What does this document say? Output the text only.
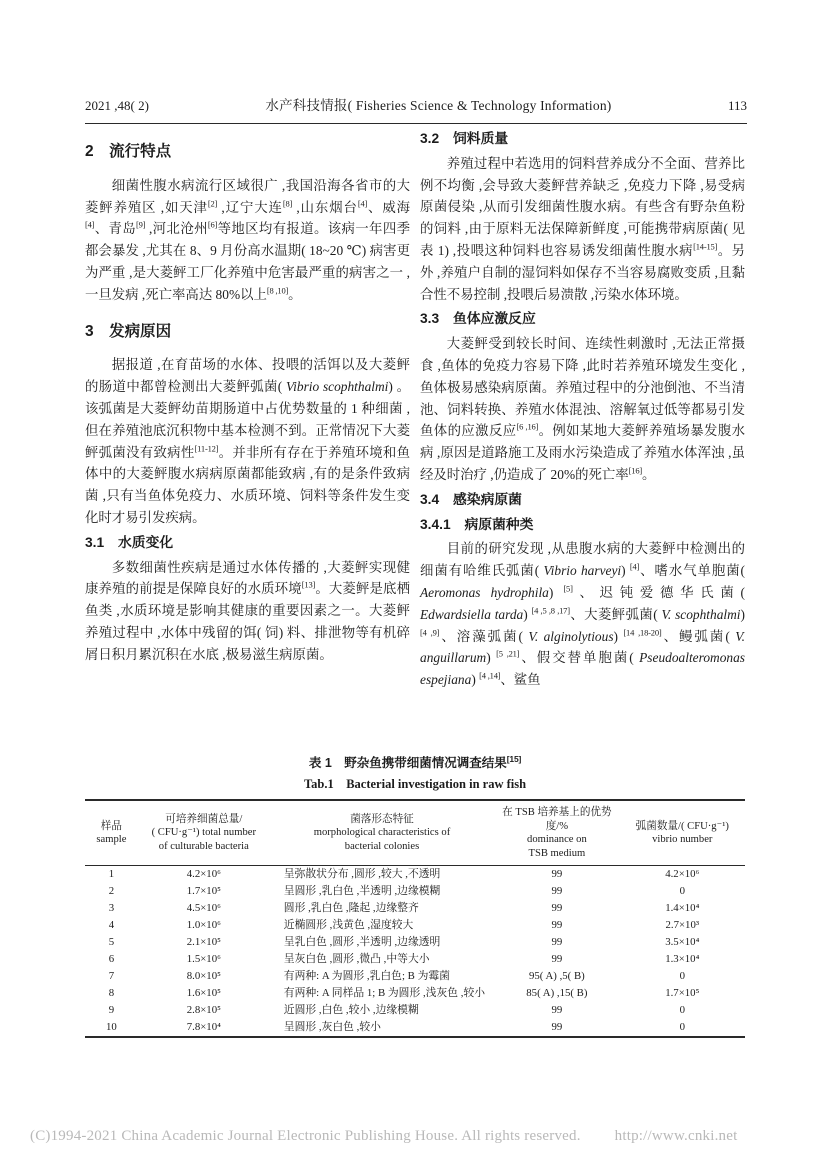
2021 ,48( 2)	水产科技情报( Fisheries Science & Technology Information)	113
2　流行特点

细菌性腹水病流行区域很广 ,我国沿海各省市的大菱鲆养殖区 ,如天津[2] ,辽宁大连[8] ,山东烟台[4]、威海[4]、青岛[9] ,河北沧州[6]等地区均有报道。该病一年四季都会暴发 ,尤其在 8、9 月份高水温期( 18~20 ℃) 病害更为严重 ,是大菱鲆工厂化养殖中危害最严重的病害之一 ,一旦发病 ,死亡率高达 80%以上[8 ,10]。

3　发病原因

据报道 ,在育苗场的水体、投喂的活饵以及大菱鲆的肠道中都曾检测出大菱鲆弧菌( Vibrio scophthalmi) 。该弧菌是大菱鲆幼苗期肠道中占优势数量的 1 种细菌 ,但在养殖池底沉积物中基本检测不到。正常情况下大菱鲆弧菌没有致病性[11-12]。并非所有存在于养殖环境和鱼体中的大菱鲆腹水病病原菌都能致病 ,有的是条件致病菌 ,只有当鱼体免疫力、水质环境、饲料等条件发生变化时才易引发疾病。

3.1　水质变化

多数细菌性疾病是通过水体传播的 ,大菱鲆实现健康养殖的前提是保障良好的水质环境[13]。大菱鲆是底栖鱼类 ,水质环境是影响其健康的重要因素之一。大菱鲆养殖过程中 ,水体中残留的饵( 饲) 料、排泄物等有机碎屑日积月累沉积在水底 ,极易滋生病原菌。

3.2　饲料质量

养殖过程中若选用的饲料营养成分不全面、营养比例不均衡 ,会导致大菱鲆营养缺乏 ,免疫力下降 ,易受病原菌侵染 ,从而引发细菌性腹水病。有些含有野杂鱼粉的饲料 ,由于原料无法保障新鲜度 ,可能携带病原菌( 见表 1) ,投喂这种饲料也容易诱发细菌性腹水病[14-15]。另外 ,养殖户自制的湿饲料如保存不当容易腐败变质 ,且黏合性不易控制 ,投喂后易溃散 ,污染水体环境。

3.3　鱼体应激反应

大菱鲆受到较长时间、连续性刺激时 ,无法正常摄食 ,鱼体的免疫力容易下降 ,此时若养殖环境发生变化 ,鱼体极易感染病原菌。养殖过程中的分池倒池、不当清池、饲料转换、养殖水体混浊、溶解氧过低等都易引发鱼体的应激反应[6 ,16]。例如某地大菱鲆养殖场暴发腹水病 ,原因是道路施工及雨水污染造成了养殖水体浑浊 ,虽经及时治疗 ,仍造成了 20%的死亡率[16]。

3.4　感染病原菌
3.4.1　病原菌种类

目前的研究发现 ,从患腹水病的大菱鲆中检测出的细菌有哈维氏弧菌( Vibrio harveyi) [4]、嗜水气单胞菌( Aeromonas hydrophila) [5]、迟钝爱德华氏菌( Edwardsiella tarda) [4 ,5 ,8 ,17]、大菱鲆弧菌( V. scophthalmi) [4 ,9]、溶藻弧菌( V. alginolytious) [14 ,18-20]、鳗弧菌( V. anguillarum) [5 ,21]、假交替单胞菌( Pseudoalteromonas espejiana) [4 ,14]、鲨鱼

表 1　野杂鱼携带细菌情况调查结果[15]
Tab.1　Bacterial investigation in raw fish
样品
sample	可培养细菌总量/
( CFU·g⁻¹) total number
of culturable bacteria	菌落形态特征
morphological characteristics of
bacterial colonies	在 TSB 培养基上的优势度/%
dominance on
TSB medium	弧菌数量/( CFU·g⁻¹)
vibrio number
1	4.2×10⁶	呈弥散状分布 ,圆形 ,较大 ,不透明	99	4.2×10⁶
2	1.7×10⁵	呈圆形 ,乳白色 ,半透明 ,边缘模糊	99	0
3	4.5×10⁶	圆形 ,乳白色 ,隆起 ,边缘整齐	99	1.4×10⁴
4	1.0×10⁶	近椭圆形 ,浅黄色 ,湿度较大	99	2.7×10³
5	2.1×10⁵	呈乳白色 ,圆形 ,半透明 ,边缘透明	99	3.5×10⁴
6	1.5×10⁶	呈灰白色 ,圆形 ,微凸 ,中等大小	99	1.3×10⁴
7	8.0×10⁵	有两种: A 为圆形 ,乳白色; B 为霉菌	95( A) ,5( B)	0
8	1.6×10⁵	有两种: A 同样品 1; B 为圆形 ,浅灰色 ,较小	85( A) ,15( B)	1.7×10⁵
9	2.8×10⁵	近圆形 ,白色 ,较小 ,边缘模糊	99	0
10	7.8×10⁴	呈圆形 ,灰白色 ,较小	99	0
(C)1994-2021 China Academic Journal Electronic Publishing House. All rights reserved. http://www.cnki.net
